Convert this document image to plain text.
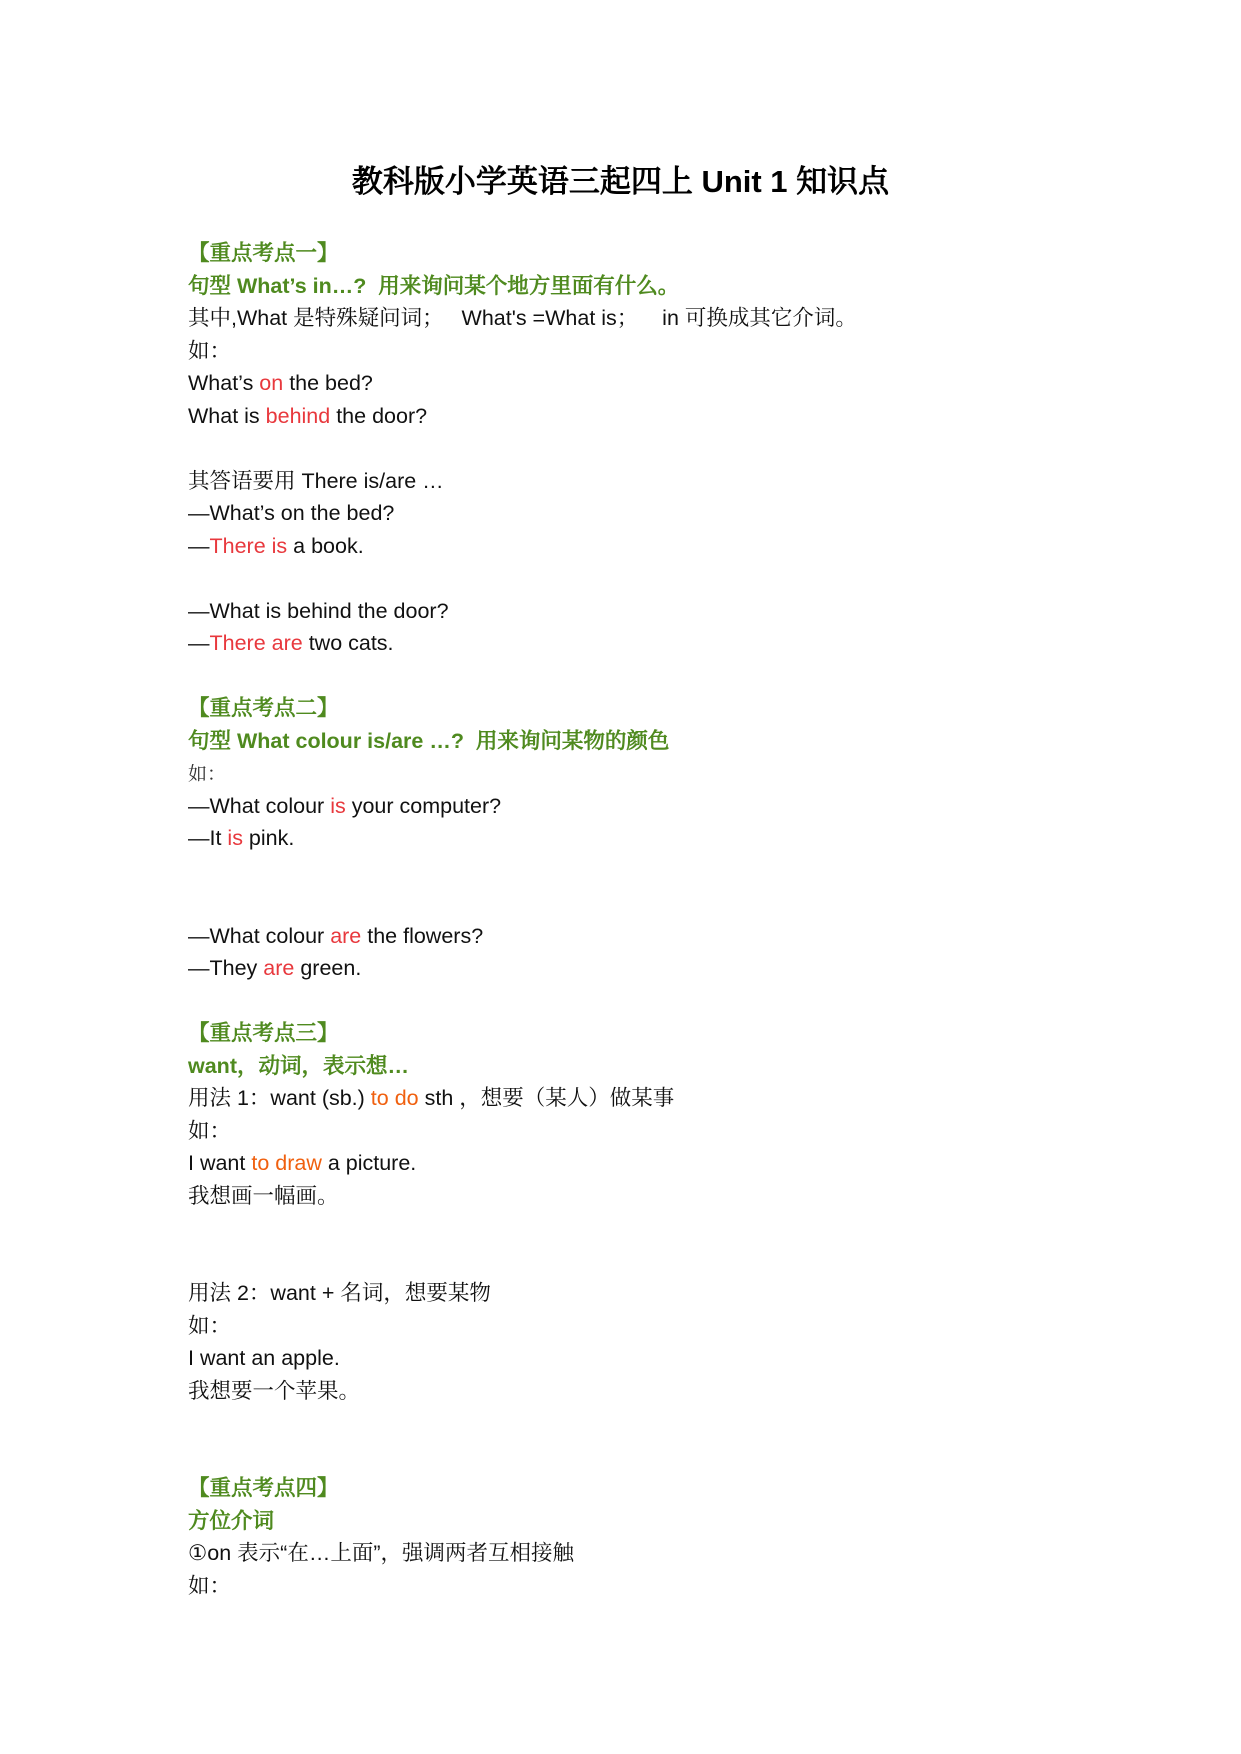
教科版小学英语三起四上 Unit 1 知识点
【重点考点一】
句型 What’s in…?  用来询问某个地方里面有什么。
其中,What 是特殊疑问词；   What's =What is；    in 可换成其它介词。
如：
What’s on the bed?
What is behind the door?
其答语要用 There is/are …
—What’s on the bed?
—There is a book.
—What is behind the door?
—There are two cats.
【重点考点二】
句型 What colour is/are …?  用来询问某物的颜色
如：
—What colour is your computer?
—It is pink.
—What colour are the flowers?
—They are green.
【重点考点三】
want，动词，表示想…
用法 1：want (sb.) to do sth ，想要（某人）做某事
如：
I want to draw a picture.
我想画一幅画。
用法 2：want + 名词，想要某物
如：
I want an apple.
我想要一个苹果。
【重点考点四】
方位介词
①on 表示“在…上面”，强调两者互相接触
如：
